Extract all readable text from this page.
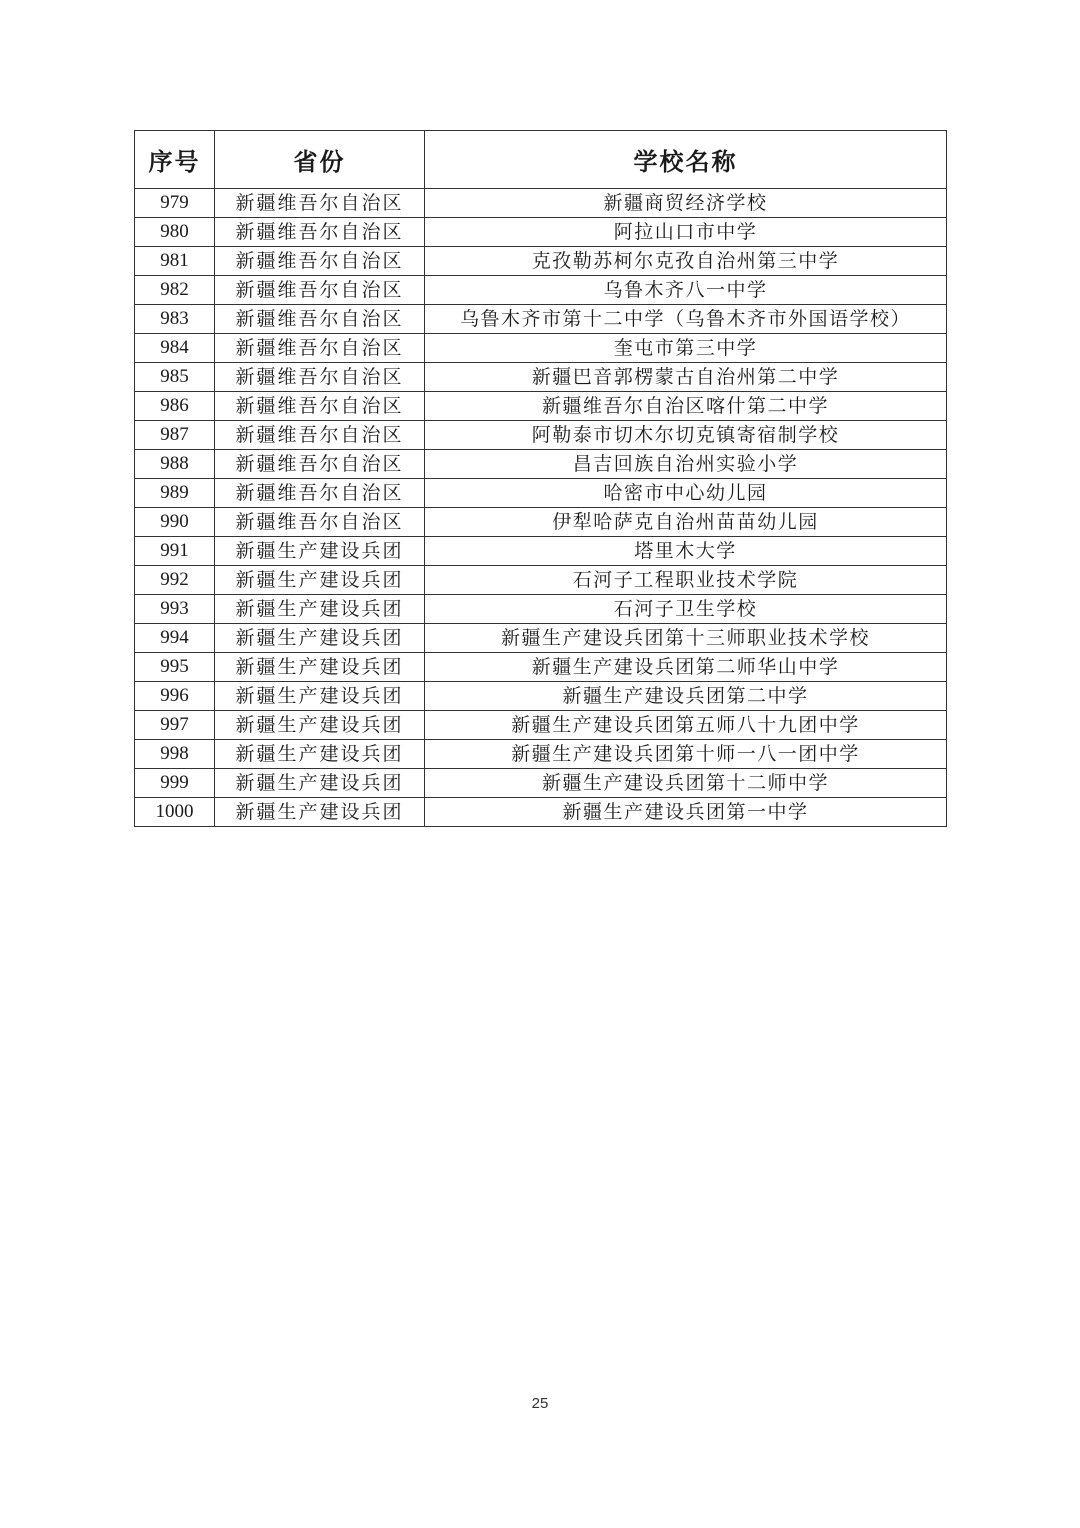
序号	省份	学校名称
979	新疆维吾尔自治区	新疆商贸经济学校
980	新疆维吾尔自治区	阿拉山口市中学
981	新疆维吾尔自治区	克孜勒苏柯尔克孜自治州第三中学
982	新疆维吾尔自治区	乌鲁木齐八一中学
983	新疆维吾尔自治区	乌鲁木齐市第十二中学（乌鲁木齐市外国语学校）
984	新疆维吾尔自治区	奎屯市第三中学
985	新疆维吾尔自治区	新疆巴音郭楞蒙古自治州第二中学
986	新疆维吾尔自治区	新疆维吾尔自治区喀什第二中学
987	新疆维吾尔自治区	阿勒泰市切木尔切克镇寄宿制学校
988	新疆维吾尔自治区	昌吉回族自治州实验小学
989	新疆维吾尔自治区	哈密市中心幼儿园
990	新疆维吾尔自治区	伊犁哈萨克自治州苗苗幼儿园
991	新疆生产建设兵团	塔里木大学
992	新疆生产建设兵团	石河子工程职业技术学院
993	新疆生产建设兵团	石河子卫生学校
994	新疆生产建设兵团	新疆生产建设兵团第十三师职业技术学校
995	新疆生产建设兵团	新疆生产建设兵团第二师华山中学
996	新疆生产建设兵团	新疆生产建设兵团第二中学
997	新疆生产建设兵团	新疆生产建设兵团第五师八十九团中学
998	新疆生产建设兵团	新疆生产建设兵团第十师一八一团中学
999	新疆生产建设兵团	新疆生产建设兵团第十二师中学
1000	新疆生产建设兵团	新疆生产建设兵团第一中学
25
